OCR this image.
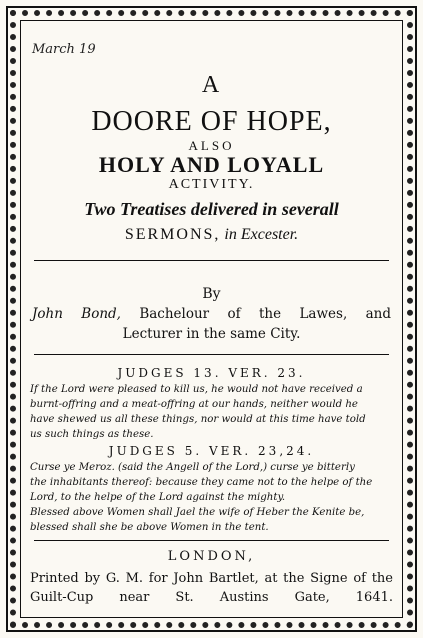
March 19
A
DOORE OF HOPE,
ALSO
HOLY AND LOYALL
ACTIVITY.
Two Treatises delivered in severall
SERMONS, in Excester.
By
John Bond, Bachelour of the Lawes, and
Lecturer in the same City.
JUDGES 13. VER. 23.
If the Lord were pleased to kill us, he would not have received a
burnt-offring and a meat-offring at our hands, neither would he
have shewed us all these things, nor would at this time have told
us such things as these.
JUDGES 5. VER. 23,24.
Curse ye Meroz. (said the Angell of the Lord,) curse ye bitterly
the inhabitants thereof: because they came not to the helpe of the
Lord, to the helpe of the Lord against the mighty.
Blessed above Women shall Jael the wife of Heber the Kenite be,
blessed shall she be above Women in the tent.
LONDON,
Printed by G. M. for John Bartlet, at the Signe of the
Guilt-Cup near St. Austins Gate, 1641.
